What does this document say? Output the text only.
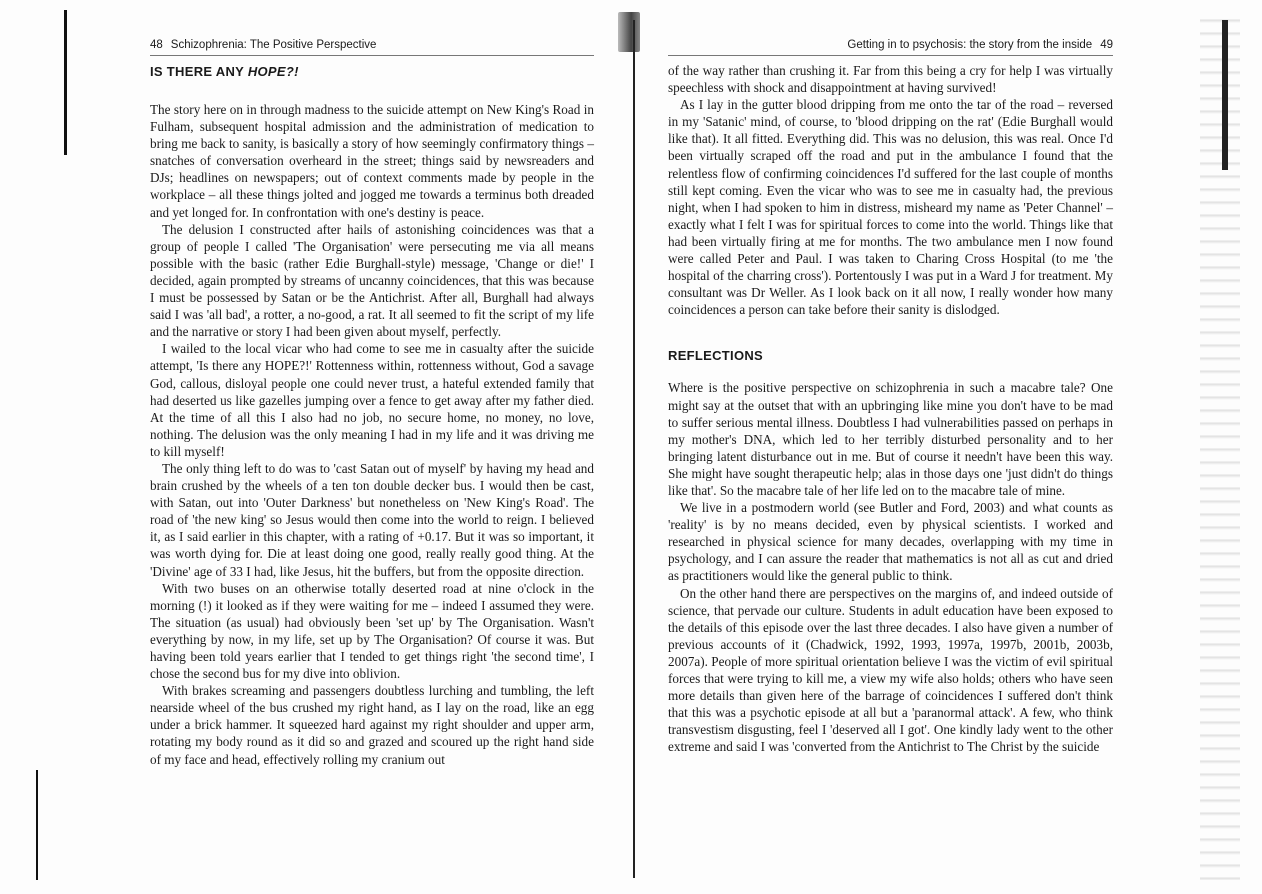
48 Schizophrenia: The Positive Perspective
IS THERE ANY HOPE?!

The story here on in through madness to the suicide attempt on New King's Road in Fulham, subsequent hospital admission and the administration of medication to bring me back to sanity, is basically a story of how seemingly confirmatory things – snatches of conversation overheard in the street; things said by newsreaders and DJs; headlines on newspapers; out of context comments made by people in the workplace – all these things jolted and jogged me towards a terminus both dreaded and yet longed for. In confrontation with one's destiny is peace.

The delusion I constructed after hails of astonishing coincidences was that a group of people I called 'The Organisation' were persecuting me via all means possible with the basic (rather Edie Burghall-style) message, 'Change or die!' I decided, again prompted by streams of uncanny coincidences, that this was because I must be possessed by Satan or be the Antichrist. After all, Burghall had always said I was 'all bad', a rotter, a no-good, a rat. It all seemed to fit the script of my life and the narrative or story I had been given about myself, perfectly.

I wailed to the local vicar who had come to see me in casualty after the suicide attempt, 'Is there any HOPE?!' Rottenness within, rottenness without, God a savage God, callous, disloyal people one could never trust, a hateful extended family that had deserted us like gazelles jumping over a fence to get away after my father died. At the time of all this I also had no job, no secure home, no money, no love, nothing. The delusion was the only meaning I had in my life and it was driving me to kill myself!

The only thing left to do was to 'cast Satan out of myself' by having my head and brain crushed by the wheels of a ten ton double decker bus. I would then be cast, with Satan, out into 'Outer Darkness' but nonetheless on 'New King's Road'. The road of 'the new king' so Jesus would then come into the world to reign. I believed it, as I said earlier in this chapter, with a rating of +0.17. But it was so important, it was worth dying for. Die at least doing one good, really really good thing. At the 'Divine' age of 33 I had, like Jesus, hit the buffers, but from the opposite direction.

With two buses on an otherwise totally deserted road at nine o'clock in the morning (!) it looked as if they were waiting for me – indeed I assumed they were. The situation (as usual) had obviously been 'set up' by The Organisation. Wasn't everything by now, in my life, set up by The Organisation? Of course it was. But having been told years earlier that I tended to get things right 'the second time', I chose the second bus for my dive into oblivion.

With brakes screaming and passengers doubtless lurching and tumbling, the left nearside wheel of the bus crushed my right hand, as I lay on the road, like an egg under a brick hammer. It squeezed hard against my right shoulder and upper arm, rotating my body round as it did so and grazed and scoured up the right hand side of my face and head, effectively rolling my cranium out

Getting in to psychosis: the story from the inside 49

of the way rather than crushing it. Far from this being a cry for help I was virtually speechless with shock and disappointment at having survived!

As I lay in the gutter blood dripping from me onto the tar of the road – reversed in my 'Satanic' mind, of course, to 'blood dripping on the rat' (Edie Burghall would like that). It all fitted. Everything did. This was no delusion, this was real. Once I'd been virtually scraped off the road and put in the ambulance I found that the relentless flow of confirming coincidences I'd suffered for the last couple of months still kept coming. Even the vicar who was to see me in casualty had, the previous night, when I had spoken to him in distress, misheard my name as 'Peter Channel' – exactly what I felt I was for spiritual forces to come into the world. Things like that had been virtually firing at me for months. The two ambulance men I now found were called Peter and Paul. I was taken to Charing Cross Hospital (to me 'the hospital of the charring cross'). Portentously I was put in a Ward J for treatment. My consultant was Dr Weller. As I look back on it all now, I really wonder how many coincidences a person can take before their sanity is dislodged.

REFLECTIONS

Where is the positive perspective on schizophrenia in such a macabre tale? One might say at the outset that with an upbringing like mine you don't have to be mad to suffer serious mental illness. Doubtless I had vulnerabilities passed on perhaps in my mother's DNA, which led to her terribly disturbed personality and to her bringing latent disturbance out in me. But of course it needn't have been this way. She might have sought therapeutic help; alas in those days one 'just didn't do things like that'. So the macabre tale of her life led on to the macabre tale of mine.

We live in a postmodern world (see Butler and Ford, 2003) and what counts as 'reality' is by no means decided, even by physical scientists. I worked and researched in physical science for many decades, overlapping with my time in psychology, and I can assure the reader that mathematics is not all as cut and dried as practitioners would like the general public to think.

On the other hand there are perspectives on the margins of, and indeed outside of science, that pervade our culture. Students in adult education have been exposed to the details of this episode over the last three decades. I also have given a number of previous accounts of it (Chadwick, 1992, 1993, 1997a, 1997b, 2001b, 2003b, 2007a). People of more spiritual orientation believe I was the victim of evil spiritual forces that were trying to kill me, a view my wife also holds; others who have seen more details than given here of the barrage of coincidences I suffered don't think that this was a psychotic episode at all but a 'paranormal attack'. A few, who think transvestism disgusting, feel I 'deserved all I got'. One kindly lady went to the other extreme and said I was 'converted from the Antichrist to The Christ by the suicide
